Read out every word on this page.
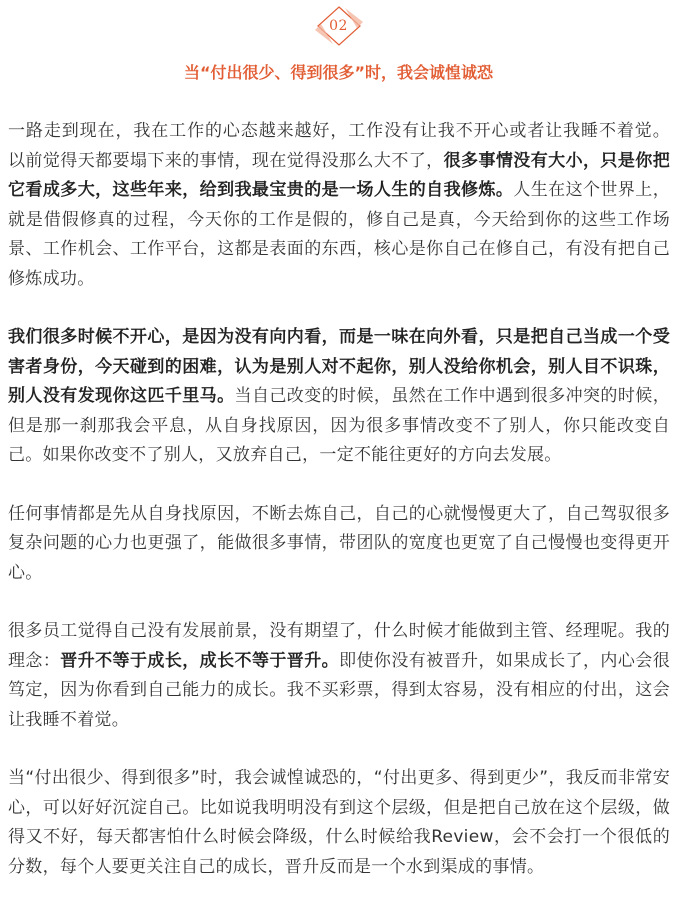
02
当“付出很少、得到很多”时，我会诚惶诚恐

一路走到现在，我在工作的心态越来越好，工作没有让我不开心或者让我睡不着觉。 以前觉得天都要塌下来的事情，现在觉得没那么大不了，很多事情没有大小，只是你把它看成多大，这些年来，给到我最宝贵的是一场人生的自我修炼。人生在这个世界上，就是借假修真的过程，今天你的工作是假的，修自己是真，今天给到你的这些工作场景、工作机会、工作平台，这都是表面的东西，核心是你自己在修自己，有没有把自己修炼成功。

我们很多时候不开心，是因为没有向内看，而是一味在向外看，只是把自己当成一个受害者身份，今天碰到的困难，认为是别人对不起你，别人没给你机会，别人目不识珠，别人没有发现你这匹千里马。当自己改变的时候，虽然在工作中遇到很多冲突的时候，但是那一刹那我会平息，从自身找原因，因为很多事情改变不了别人，你只能改变自己。如果你改变不了别人，又放弃自己，一定不能往更好的方向去发展。

任何事情都是先从自身找原因，不断去炼自己，自己的心就慢慢更大了，自己驾驭很多复杂问题的心力也更强了，能做很多事情，带团队的宽度也更宽了自己慢慢也变得更开心。

很多员工觉得自己没有发展前景，没有期望了，什么时候才能做到主管、经理呢。我的理念：晋升不等于成长，成长不等于晋升。即使你没有被晋升，如果成长了，内心会很笃定，因为你看到自己能力的成长。我不买彩票，得到太容易，没有相应的付出，这会让我睡不着觉。

当“付出很少、得到很多”时，我会诚惶诚恐的，“付出更多、得到更少”，我反而非常安心，可以好好沉淀自己。比如说我明明没有到这个层级，但是把自己放在这个层级，做得又不好，每天都害怕什么时候会降级，什么时候给我Review，会不会打一个很低的分数，每个人要更关注自己的成长，晋升反而是一个水到渠成的事情。
